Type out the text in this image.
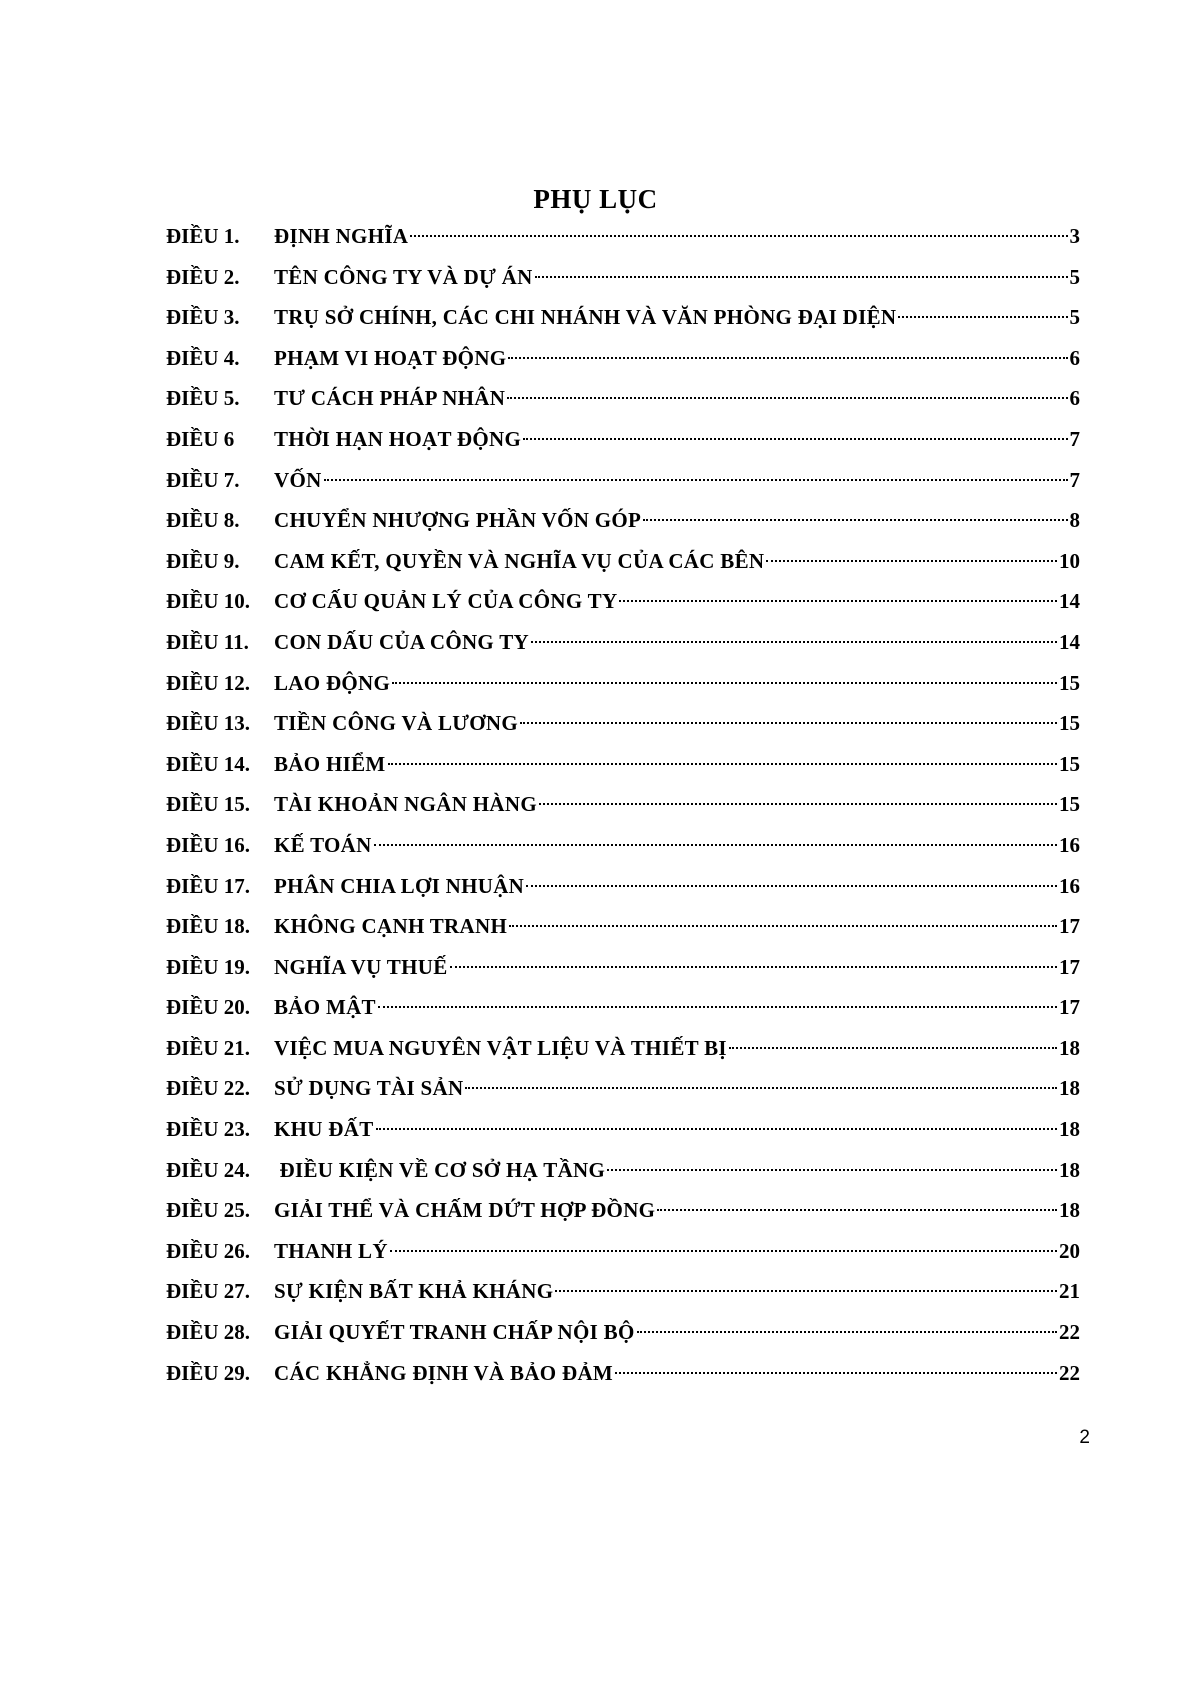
PHỤ LỤC
ĐIỀU 1.	ĐỊNH NGHĨA	3
ĐIỀU 2.	TÊN CÔNG TY VÀ DỰ ÁN	5
ĐIỀU 3.	TRỤ SỞ CHÍNH, CÁC CHI NHÁNH VÀ VĂN PHÒNG ĐẠI DIỆN	5
ĐIỀU 4.	PHẠM VI HOẠT ĐỘNG	6
ĐIỀU 5.	TƯ CÁCH PHÁP NHÂN	6
ĐIỀU 6	THỜI HẠN HOẠT ĐỘNG	7
ĐIỀU 7.	VỐN	7
ĐIỀU 8.	CHUYỂN NHƯỢNG PHẦN VỐN GÓP	8
ĐIỀU 9.	CAM KẾT, QUYỀN VÀ NGHĨA VỤ CỦA CÁC BÊN	10
ĐIỀU 10.	CƠ CẤU QUẢN LÝ CỦA CÔNG TY	14
ĐIỀU 11.	CON DẤU CỦA CÔNG TY	14
ĐIỀU 12.	LAO ĐỘNG	15
ĐIỀU 13.	TIỀN CÔNG VÀ LƯƠNG	15
ĐIỀU 14.	BẢO HIỂM	15
ĐIỀU 15.	TÀI KHOẢN NGÂN HÀNG	15
ĐIỀU 16.	KẾ TOÁN	16
ĐIỀU 17.	PHÂN CHIA LỢI NHUẬN	16
ĐIỀU 18.	KHÔNG CẠNH TRANH	17
ĐIỀU 19.	NGHĨA VỤ THUẾ	17
ĐIỀU 20.	BẢO MẬT	17
ĐIỀU 21.	VIỆC MUA NGUYÊN VẬT LIỆU VÀ THIẾT BỊ	18
ĐIỀU 22.	SỬ DỤNG TÀI SẢN	18
ĐIỀU 23.	KHU ĐẤT	18
ĐIỀU 24.	ĐIỀU KIỆN VỀ CƠ SỞ HẠ TẦNG	18
ĐIỀU 25.	GIẢI THỂ VÀ CHẤM DỨT HỢP ĐỒNG	18
ĐIỀU 26.	THANH LÝ	20
ĐIỀU 27.	SỰ KIỆN BẤT KHẢ KHÁNG	21
ĐIỀU 28.	GIẢI QUYẾT TRANH CHẤP NỘI BỘ	22
ĐIỀU 29.	CÁC KHẲNG ĐỊNH VÀ BẢO ĐẢM	22
2
